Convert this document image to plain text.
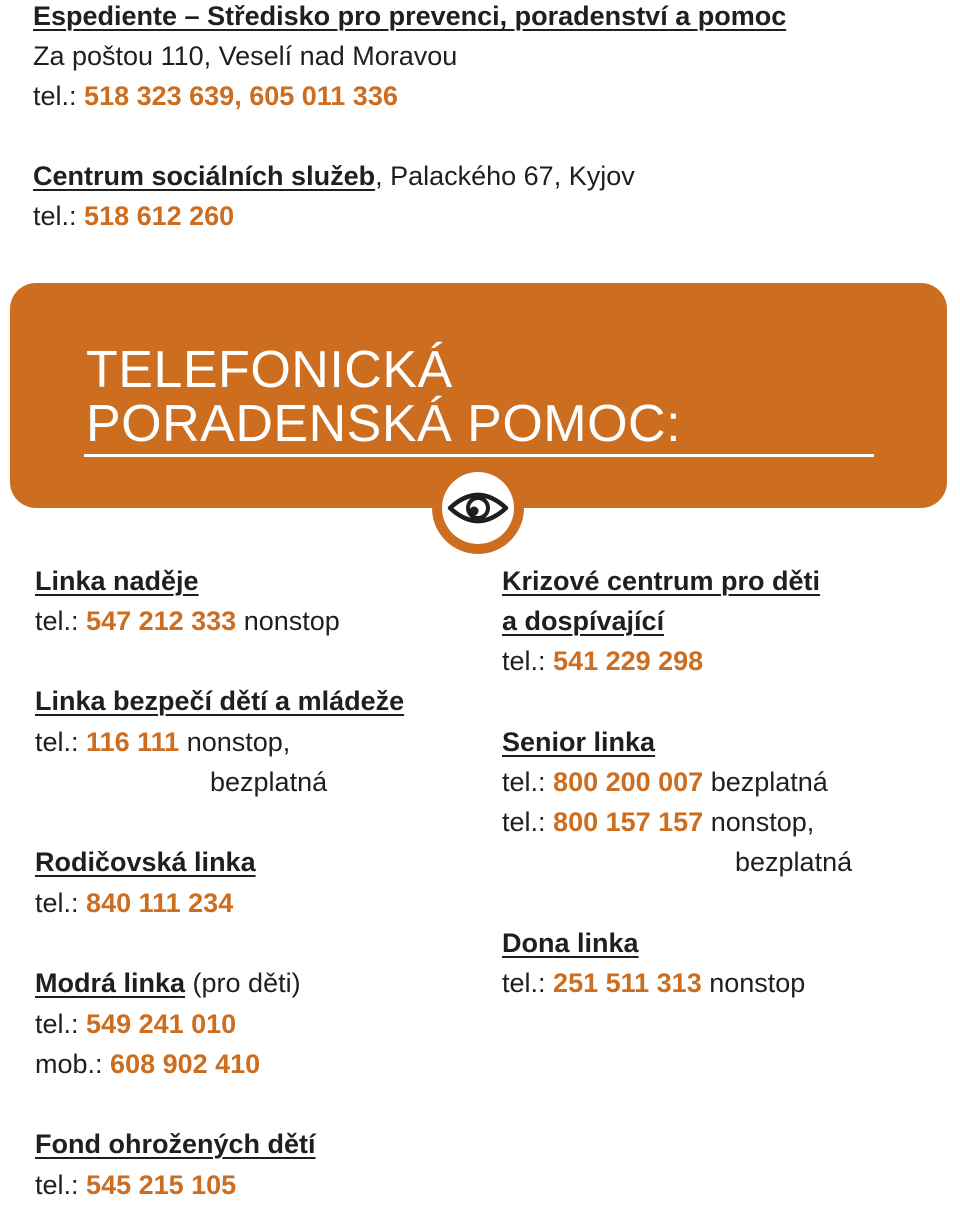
Espediente – Středisko pro prevenci, poradenství a pomoc
Za poštou 110, Veselí nad Moravou
tel.: 518 323 639, 605 011 336
Centrum sociálních služeb, Palackého 67, Kyjov
tel.: 518 612 260
TELEFONICKÁ
PORADENSKÁ POMOC:
Linka naděje
tel.: 547 212 333 nonstop
Linka bezpečí dětí a mládeže
tel.: 116 111 nonstop,
bezplatná
Rodičovská linka
tel.: 840 111 234
Modrá linka (pro děti)
tel.: 549 241 010
mob.: 608 902 410
Fond ohrožených dětí
tel.: 545 215 105
Krizové centrum pro děti
a dospívající
tel.: 541 229 298
Senior linka
tel.: 800 200 007 bezplatná
tel.: 800 157 157 nonstop,
bezplatná
Dona linka
tel.: 251 511 313 nonstop
